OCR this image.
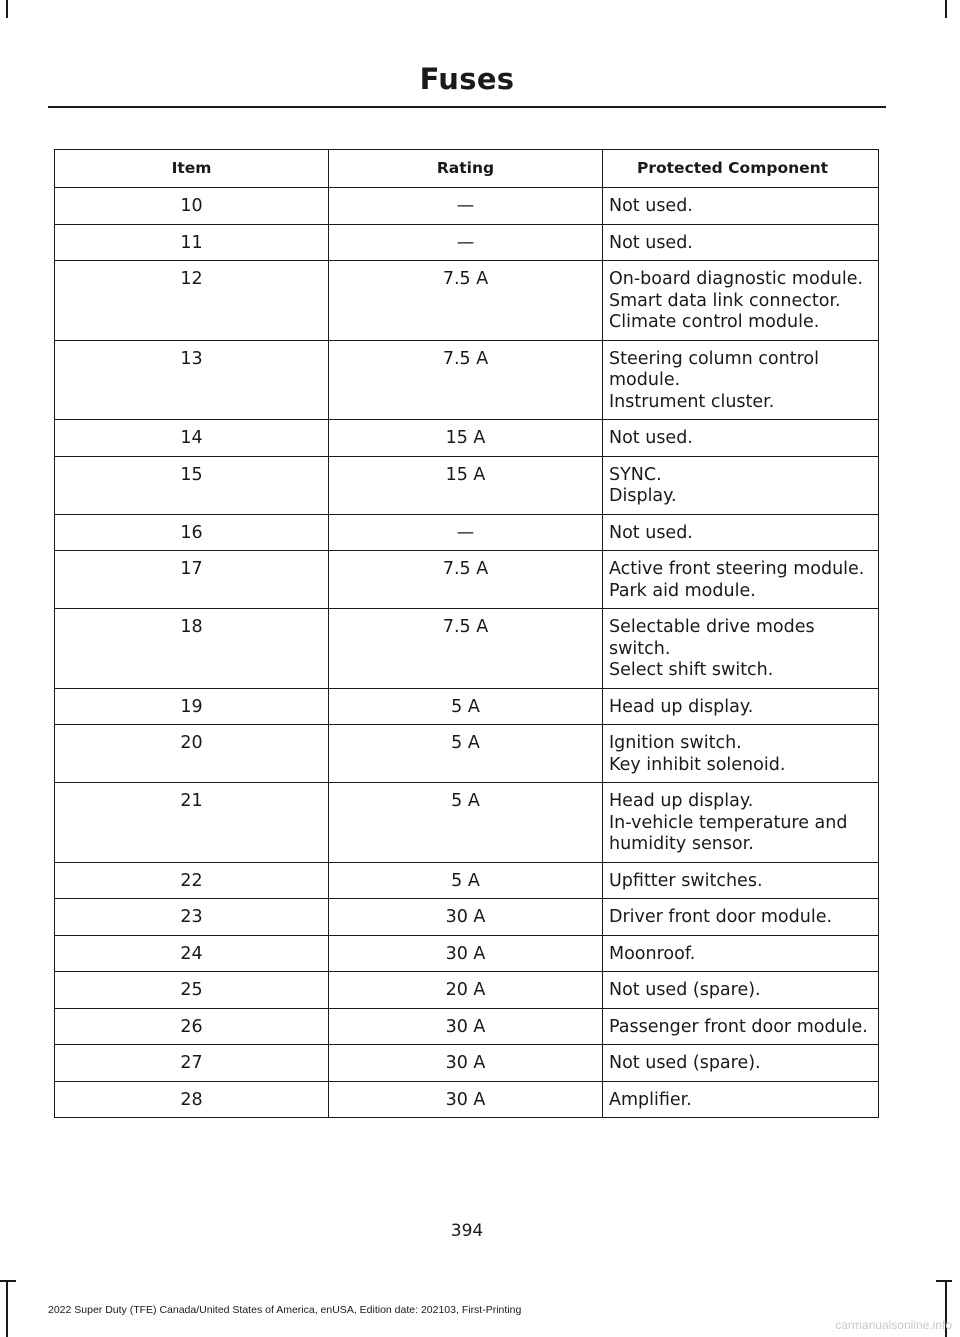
Fuses
Item	Rating	Protected Component
10	—	Not used.

11	—	Not used.

12	7.5 A	On-board diagnostic module.
Smart data link connector.
Climate control module.

13	7.5 A	Steering column control module.
Instrument cluster.

14	15 A	Not used.

15	15 A	SYNC.
Display.

16	—	Not used.

17	7.5 A	Active front steering module.
Park aid module.

18	7.5 A	Selectable drive modes switch.
Select shift switch.

19	5 A	Head up display.

20	5 A	Ignition switch.
Key inhibit solenoid.

21	5 A	Head up display.
In-vehicle temperature and humidity sensor.

22	5 A	Upfitter switches.

23	30 A	Driver front door module.

24	30 A	Moonroof.

25	20 A	Not used (spare).

26	30 A	Passenger front door module.

27	30 A	Not used (spare).

28	30 A	Amplifier.
394
2022 Super Duty (TFE) Canada/United States of America, enUSA, Edition date: 202103, First-Printing
carmanualsonline.info
